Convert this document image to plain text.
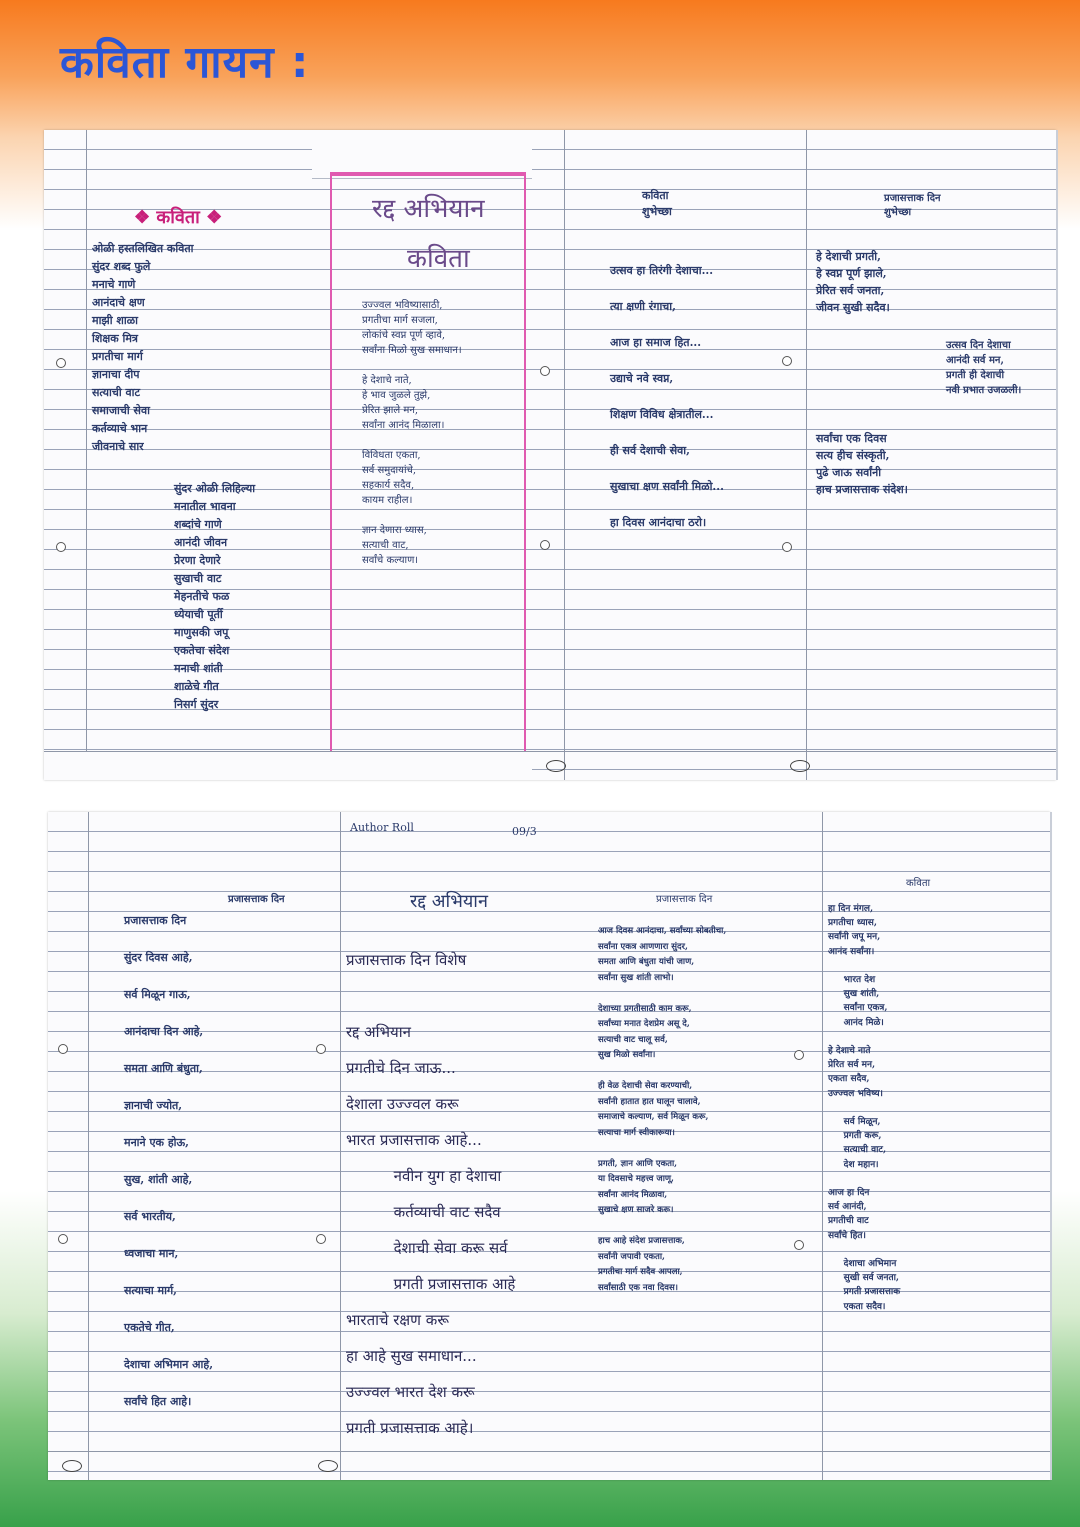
कविता गायन :
❖ कविता ❖
ओळी हस्तलिखित कविता
सुंदर शब्द फुले
मनाचे गाणे
आनंदाचे क्षण
माझी शाळा
शिक्षक मित्र
प्रगतीचा मार्ग
ज्ञानाचा दीप
सत्याची वाट
समाजाची सेवा
कर्तव्याचे भान
जीवनाचे सार
सुंदर ओळी लिहिल्या
मनातील भावना
शब्दांचे गाणे
आनंदी जीवन
प्रेरणा देणारे
सुखाची वाट
मेहनतीचे फळ
ध्येयाची पूर्ती
माणुसकी जपू
एकतेचा संदेश
मनाची शांती
शाळेचे गीत
निसर्ग सुंदर
रद्द अभियान
कविता
उज्ज्वल भविष्यासाठी,
प्रगतीचा मार्ग सजला,
लोकांचे स्वप्न पूर्ण व्हावे,
सर्वांना मिळो सुख समाधान।

हे देशाचे नाते,
हे भाव जुळले तुझे,
प्रेरित झाले मन,
सर्वांना आनंद मिळाला।

विविधता एकता,
सर्व समुदायांचे,
सहकार्य सदैव,
कायम राहील।

ज्ञान देणारा ध्यास,
सत्याची वाट,
सर्वांचे कल्याण।
कविता
शुभेच्छा
उत्सव हा तिरंगी देशाचा...

त्या क्षणी रंगाचा,

आज हा समाज हित...

उद्याचे नवे स्वप्न,

शिक्षण विविध क्षेत्रातील...

ही सर्व देशाची सेवा,

सुखाचा क्षण सर्वांनी मिळो...

हा दिवस आनंदाचा ठरो।
प्रजासत्ताक दिन
शुभेच्छा
हे देशाची प्रगती,
हे स्वप्न पूर्ण झाले,
प्रेरित सर्व जनता,
जीवन सुखी सदैव।
उत्सव दिन देशाचा
आनंदी सर्व मन,
प्रगती ही देशाची
नवी प्रभात उजळली।
सर्वांचा एक दिवस
सत्य हीच संस्कृती,
पुढे जाऊ सर्वांनी
हाच प्रजासत्ताक संदेश।
प्रजासत्ताक दिन
प्रजासत्ताक दिन

सुंदर दिवस आहे,

सर्व मिळून गाऊ,

आनंदाचा दिन आहे,

समता आणि बंधुता,

ज्ञानाची ज्योत,

मनाने एक होऊ,

सुख, शांती आहे,

सर्व भारतीय,

ध्वजाचा मान,

सत्याचा मार्ग,

एकतेचे गीत,

देशाचा अभिमान आहे,

सर्वांचे हित आहे।
Author Roll	09/3
रद्द अभियान
प्रजासत्ताक दिन विशेष

रद्द अभियान
प्रगतीचे दिन जाऊ...
देशाला उज्ज्वल करू
भारत प्रजासत्ताक आहे...
नवीन युग हा देशाचा
कर्तव्याची वाट सदैव
देशाची सेवा करू सर्व
प्रगती प्रजासत्ताक आहे
भारताचे रक्षण करू
हा आहे सुख समाधान...
उज्ज्वल भारत देश करू
प्रगती प्रजासत्ताक आहे।
प्रजासत्ताक दिन
आज दिवस आनंदाचा, सर्वांच्या सोबतीचा,
सर्वांना एकत्र आणणारा सुंदर,
समता आणि बंधुता यांची जाण,
सर्वांना सुख शांती लाभो।

देशाच्या प्रगतीसाठी काम करू,
सर्वांच्या मनात देशप्रेम असू दे,
सत्याची वाट चालू सर्व,
सुख मिळो सर्वांना।

ही वेळ देशाची सेवा करण्याची,
सर्वांनी हातात हात घालून चालावे,
समाजाचे कल्याण, सर्व मिळून करू,
सत्याचा मार्ग स्वीकारूया।

प्रगती, ज्ञान आणि एकता,
या दिवसाचे महत्त्व जाणू,
सर्वांना आनंद मिळावा,
सुखाचे क्षण साजरे करू।

हाच आहे संदेश प्रजासत्ताक,
सर्वांनी जपावी एकता,
प्रगतीचा मार्ग सदैव आपला,
सर्वांसाठी एक नवा दिवस।
कविता
हा दिन मंगल,
प्रगतीचा ध्यास,
सर्वांनी जपू मन,
आनंद सर्वांना।

भारत देश
सुख शांती,
सर्वांना एकत्र,
आनंद मिळे।

हे देशाचे नाते
प्रेरित सर्व मन,
एकता सदैव,
उज्ज्वल भविष्य।

सर्व मिळून,
प्रगती करू,
सत्याची वाट,
देश महान।

आज हा दिन
सर्व आनंदी,
प्रगतीची वाट
सर्वांचे हित।

देशाचा अभिमान
सुखी सर्व जनता,
प्रगती प्रजासत्ताक
एकता सदैव।
